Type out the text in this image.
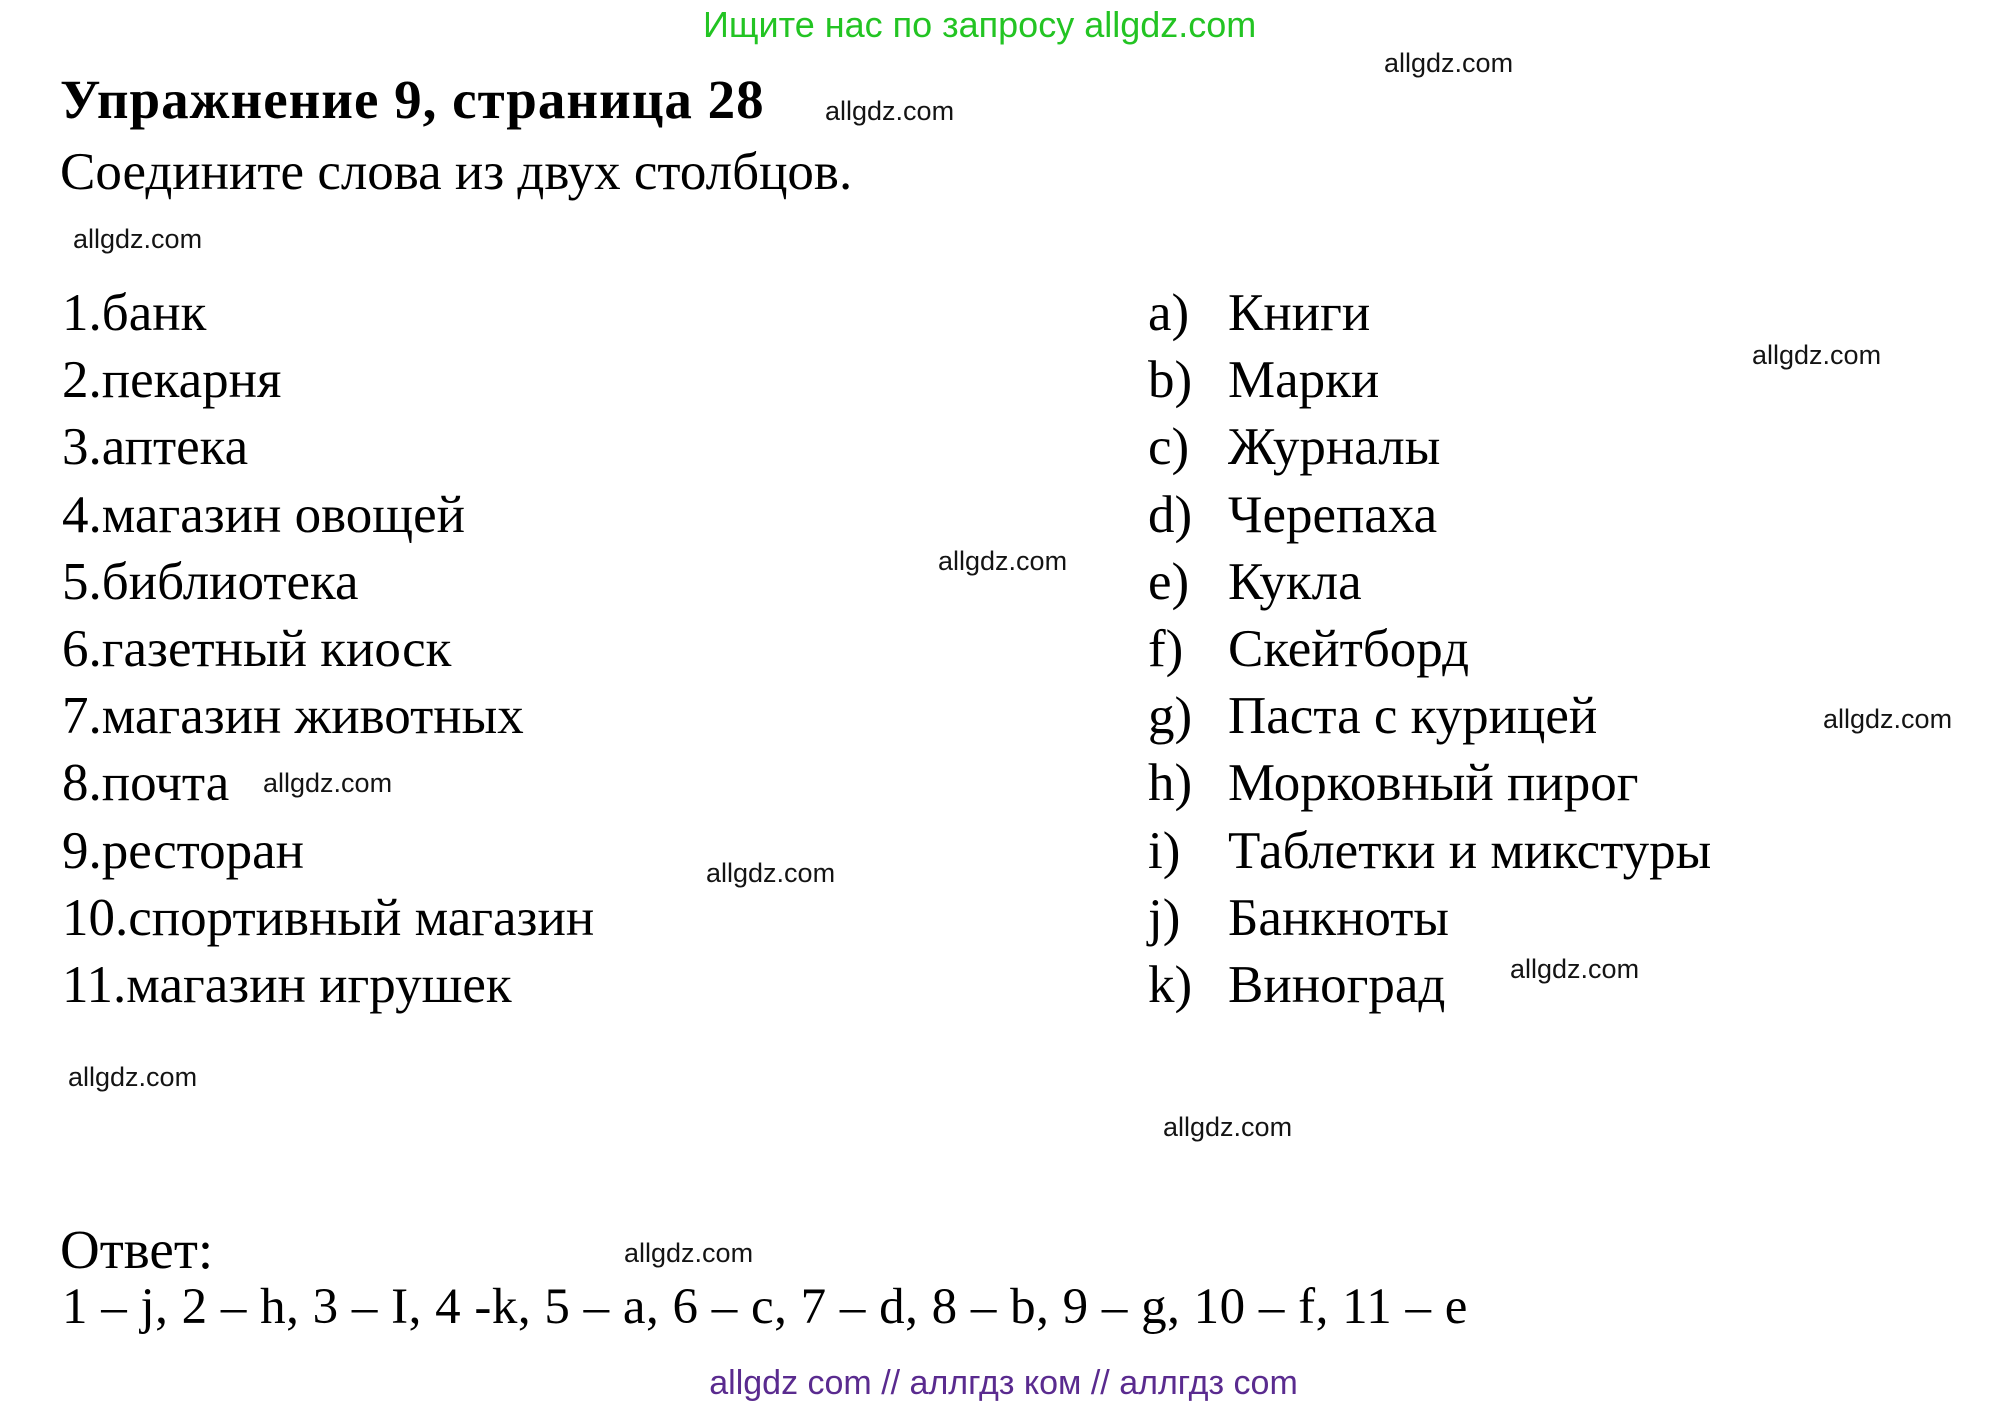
Ищите нас по запросу allgdz.com
allgdz.com
Упражнение 9, страница 28 allgdz.com
Соедините слова из двух столбцов.
allgdz.com
1.банк
2.пекарня
3.аптека
4.магазин овощей
5.библиотека
6.газетный киоск
7.магазин животных
8.почта
9.ресторан
10.спортивный магазин
11.магазин игрушек
a) Книги
b) Марки
c) Журналы
d) Черепаха
e) Кукла
f) Скейтборд
g) Паста с курицей
h) Морковный пирог
i) Таблетки и микстуры
j) Банкноты
k) Виноград
allgdz.com
allgdz.com
allgdz.com
allgdz.com
allgdz.com
allgdz.com
allgdz.com
allgdz.com
allgdz.com
Ответ:
1 – j, 2 – h, 3 – I, 4 -k, 5 – a, 6 – c, 7 – d, 8 – b, 9 – g, 10 – f, 11 – e
allgdz com // аллгдз ком // аллгдз com
